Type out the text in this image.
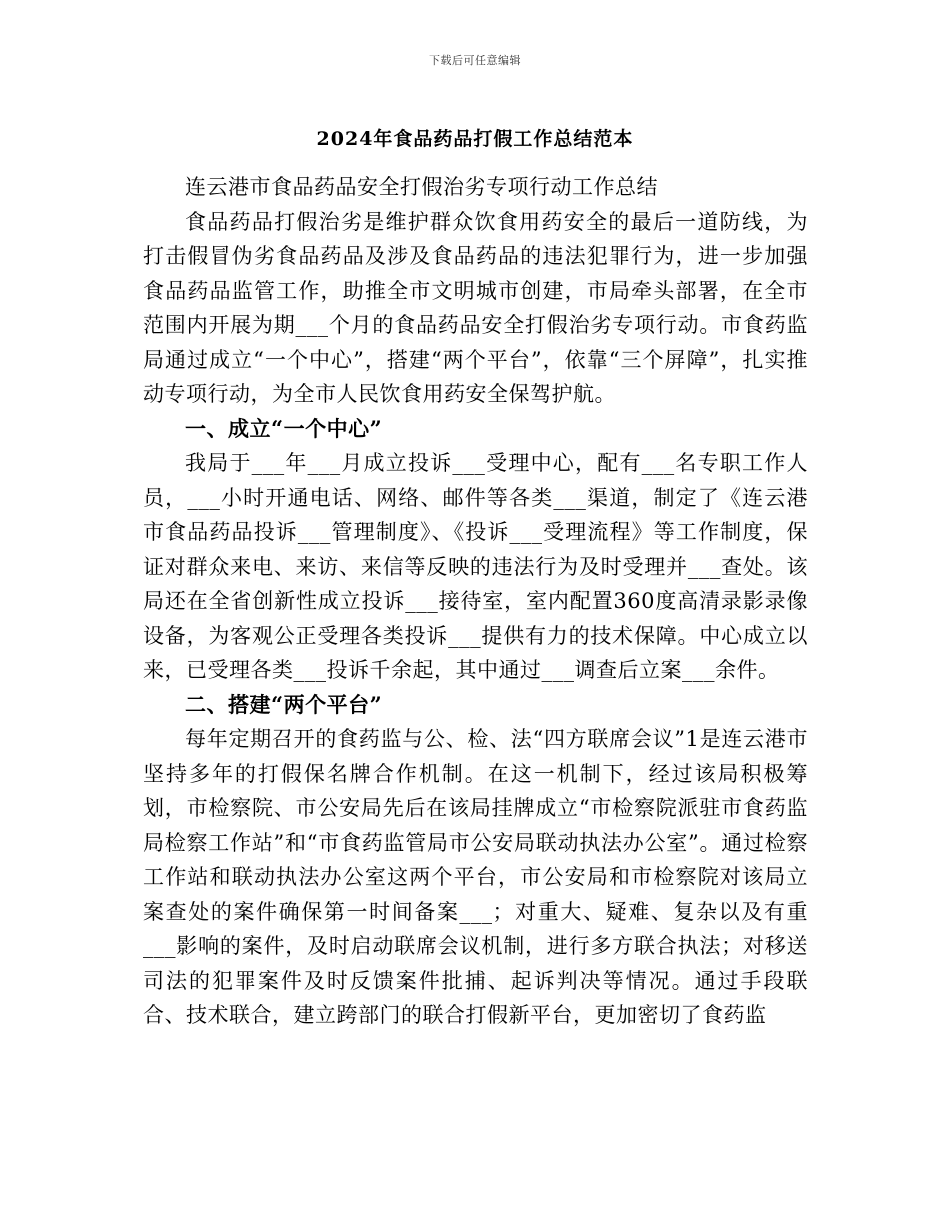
下载后可任意编辑
2024年食品药品打假工作总结范本

连云港市食品药品安全打假治劣专项行动工作总结

食品药品打假治劣是维护群众饮食用药安全的最后一道防线，为打击假冒伪劣食品药品及涉及食品药品的违法犯罪行为，进一步加强食品药品监管工作，助推全市文明城市创建，市局牵头部署，在全市范围内开展为期___个月的食品药品安全打假治劣专项行动。市食药监局通过成立“一个中心”，搭建“两个平台”，依靠“三个屏障”，扎实推动专项行动，为全市人民饮食用药安全保驾护航。

一、成立“一个中心”

我局于___年___月成立投诉___受理中心，配有___名专职工作人员，___小时开通电话、网络、邮件等各类___渠道，制定了《连云港市食品药品投诉___管理制度》、《投诉___受理流程》等工作制度，保证对群众来电、来访、来信等反映的违法行为及时受理并___查处。该局还在全省创新性成立投诉___接待室，室内配置360度高清录影录像设备，为客观公正受理各类投诉___提供有力的技术保障。中心成立以来，已受理各类___投诉千余起，其中通过___调查后立案___余件。

二、搭建“两个平台”

每年定期召开的食药监与公、检、法“四方联席会议”1是连云港市坚持多年的打假保名牌合作机制。在这一机制下，经过该局积极筹划，市检察院、市公安局先后在该局挂牌成立“市检察院派驻市食药监局检察工作站”和“市食药监管局市公安局联动执法办公室”。通过检察工作站和联动执法办公室这两个平台，市公安局和市检察院对该局立案查处的案件确保第一时间备案___；对重大、疑难、复杂以及有重___影响的案件，及时启动联席会议机制，进行多方联合执法；对移送司法的犯罪案件及时反馈案件批捕、起诉判决等情况。通过手段联合、技术联合，建立跨部门的联合打假新平台，更加密切了食药监
